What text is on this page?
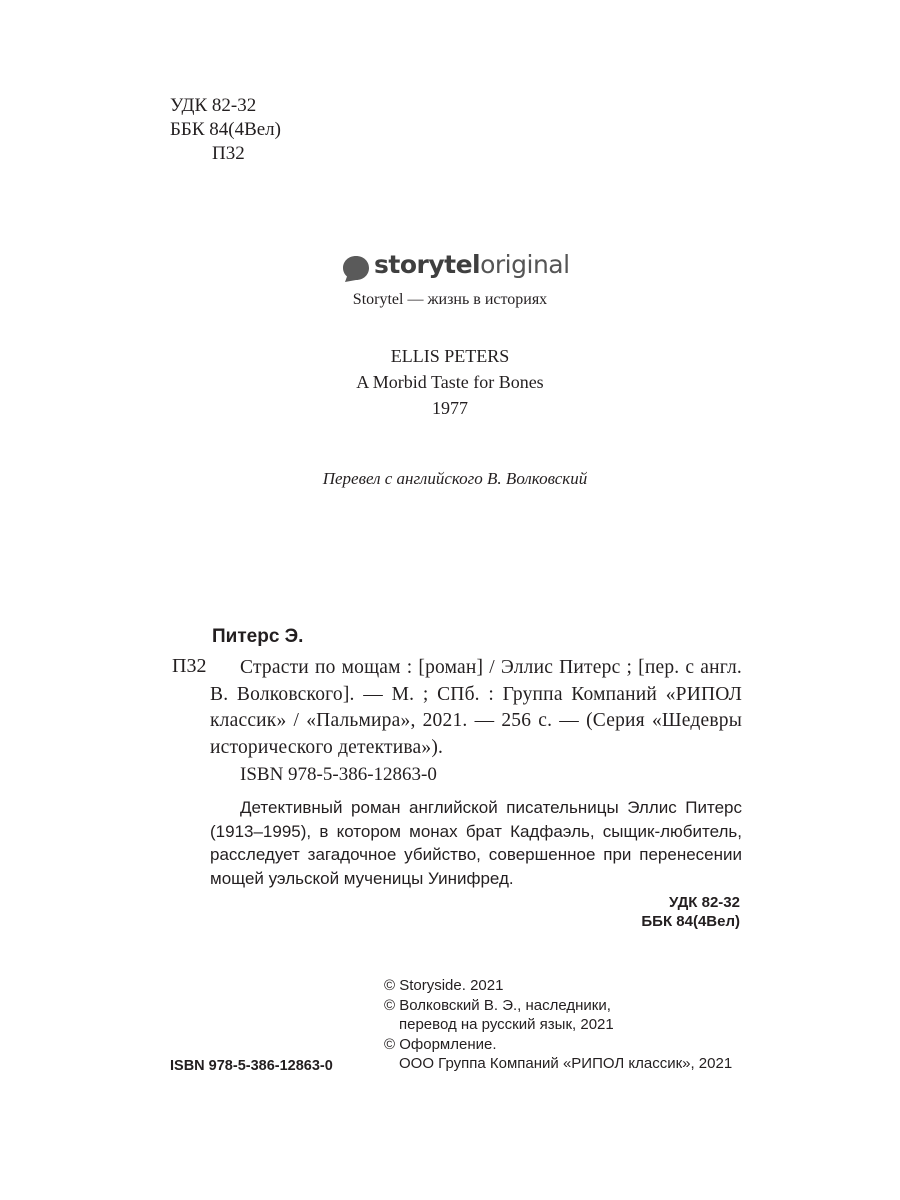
УДК 82-32
ББК 84(4Вел)
П32
storyteloriginal
Storytel — жизнь в историях
ELLIS PETERS
A Morbid Taste for Bones
1977
Перевел с английского В. Волковский
Питерс Э.
П32	Страсти по мощам : [роман] / Эллис Питерс ; [пер. с англ. В. Волковского]. — М. ; СПб. : Группа Компаний «РИПОЛ классик» / «Пальмира», 2021. — 256 с. — (Серия «Шедевры исторического детектива»).
ISBN 978-5-386-12863-0
Детективный роман английской писательницы Эллис Питерс (1913–1995), в котором монах брат Кадфаэль, сыщик-любитель, расследует загадочное убийство, совершенное при перенесении мощей уэльской мученицы Уинифред.
УДК 82-32
ББК 84(4Вел)
© Storyside. 2021
© Волковский В. Э., наследники,
перевод на русский язык, 2021
© Оформление.
ООО Группа Компаний «РИПОЛ классик», 2021
ISBN 978-5-386-12863-0
